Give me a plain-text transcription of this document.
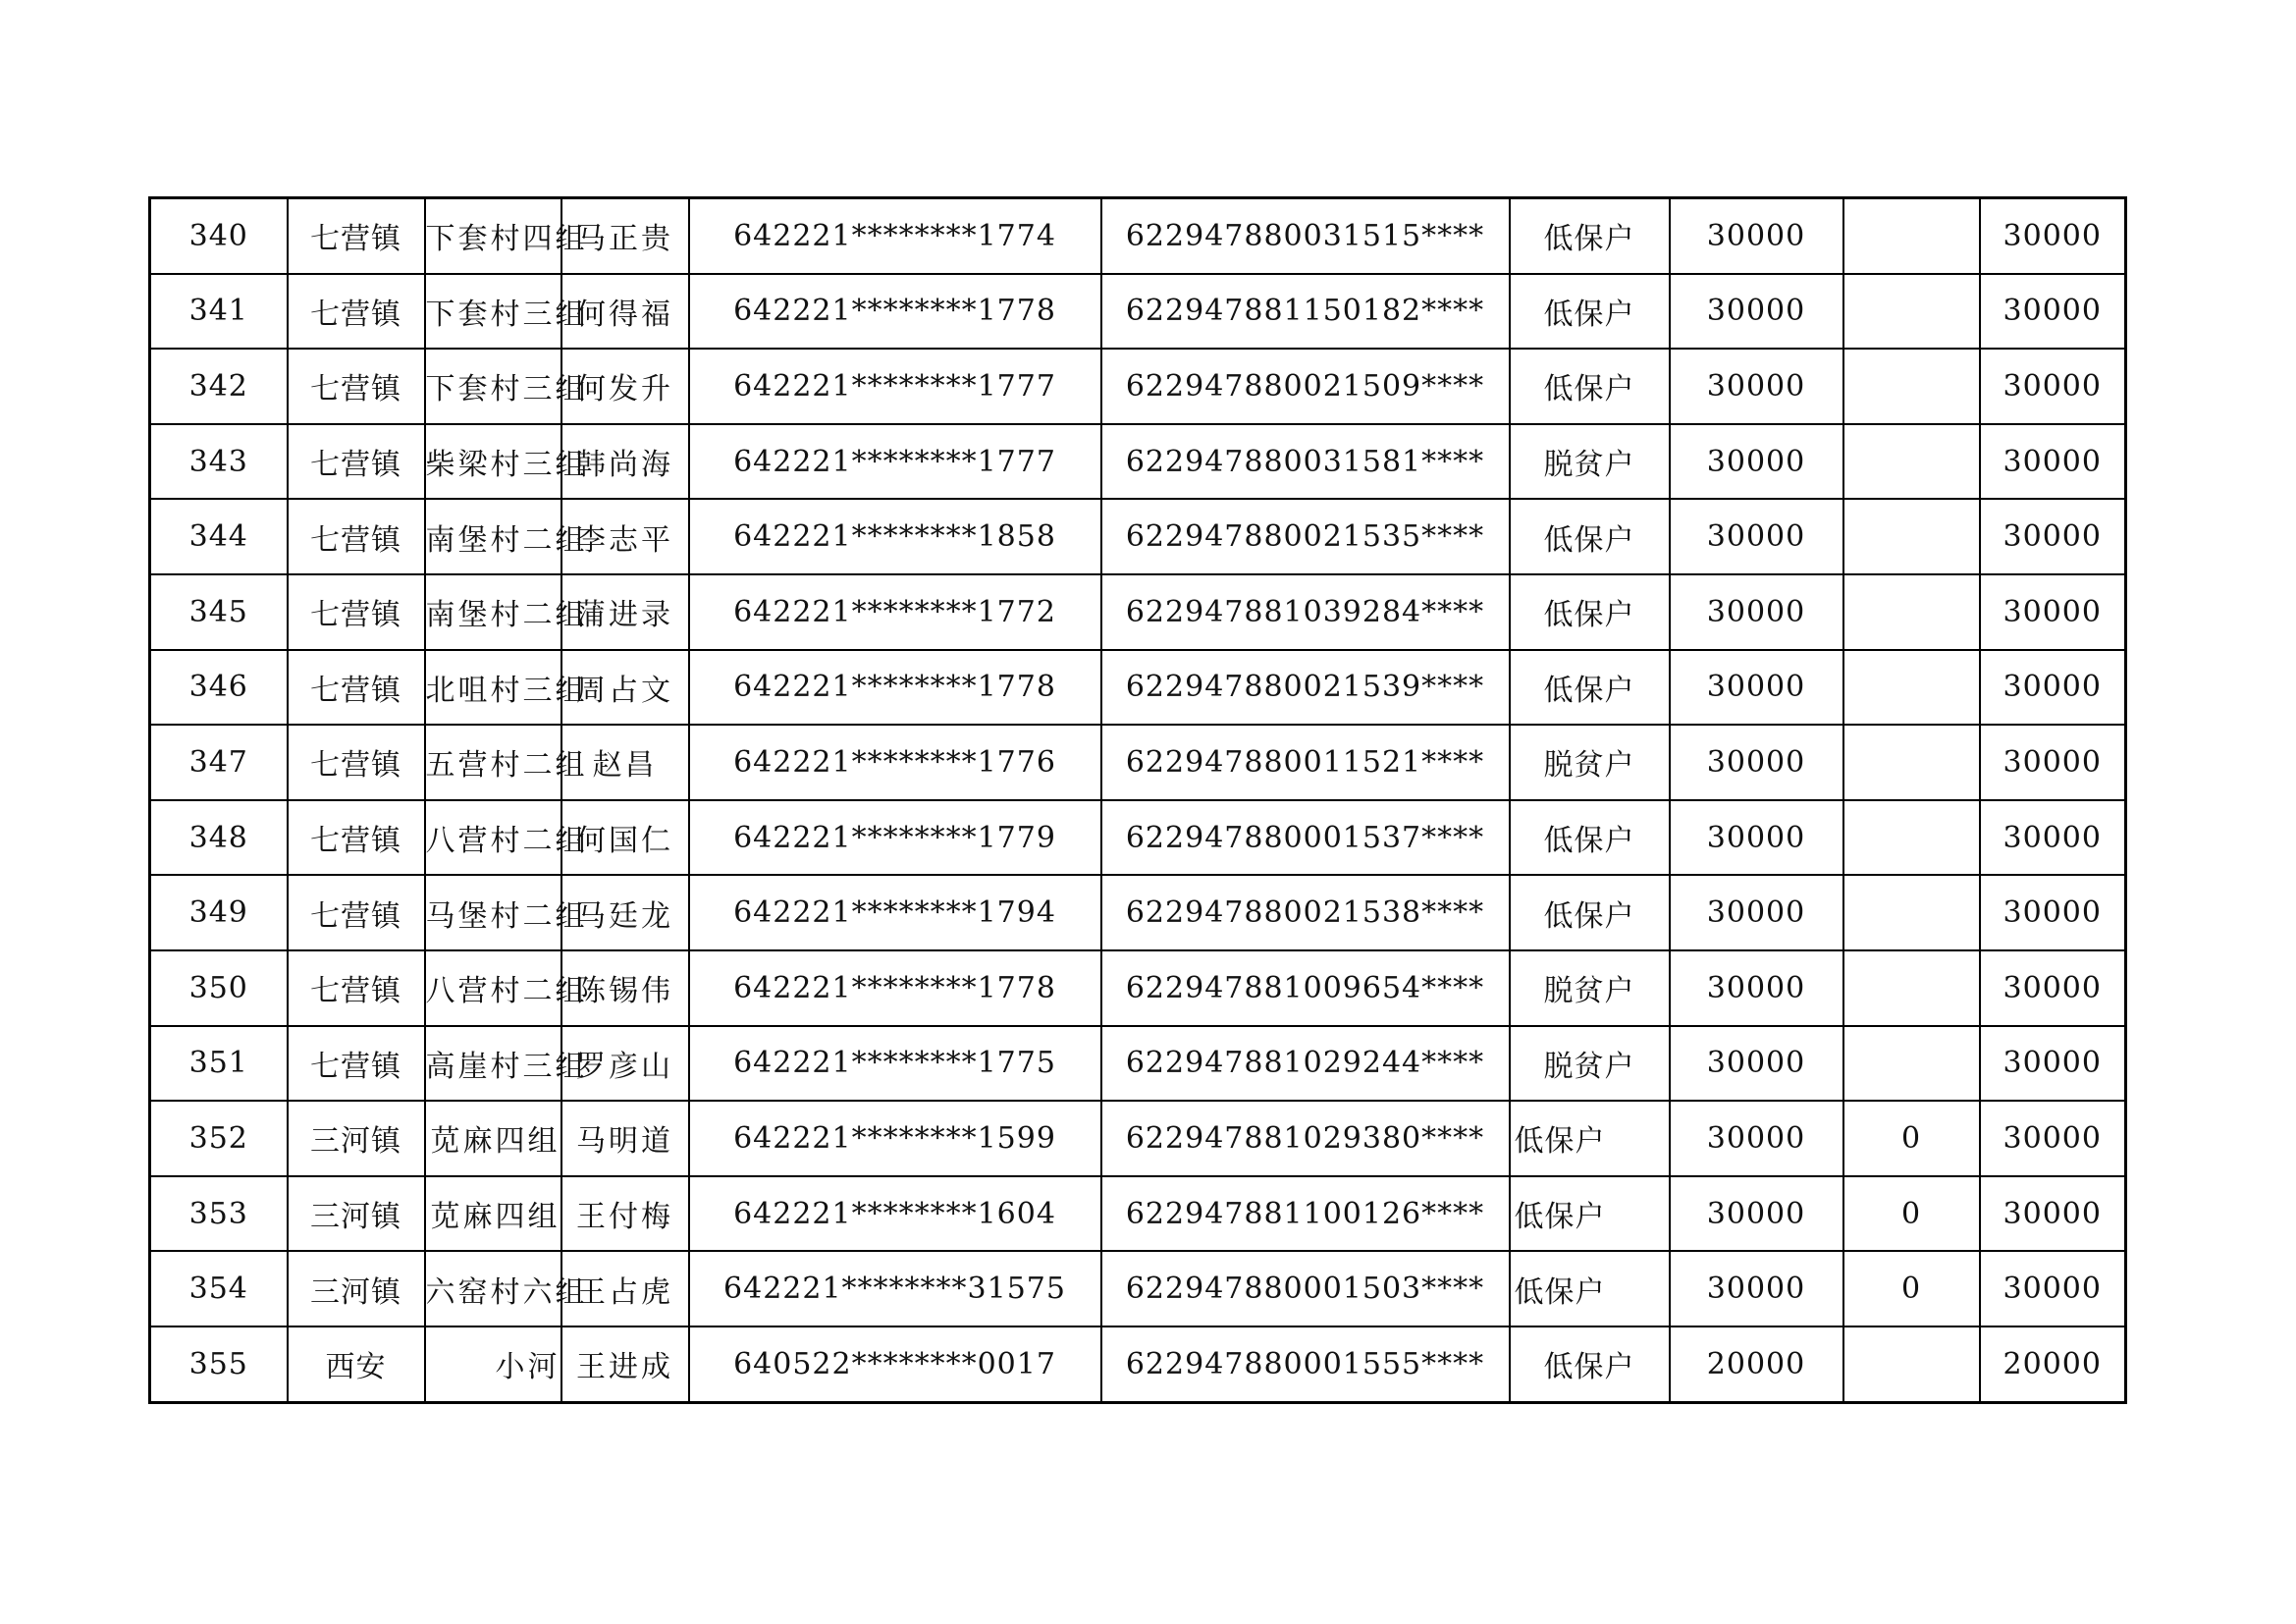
340	七营镇	下套村四组	马正贵	642221********1774	622947880031515****	低保户	30000		30000
341	七营镇	下套村三组	何得福	642221********1778	622947881150182****	低保户	30000		30000
342	七营镇	下套村三组	何发升	642221********1777	622947880021509****	低保户	30000		30000
343	七营镇	柴梁村三组	韩尚海	642221********1777	622947880031581****	脱贫户	30000		30000
344	七营镇	南堡村二组	李志平	642221********1858	622947880021535****	低保户	30000		30000
345	七营镇	南堡村二组	蒲进录	642221********1772	622947881039284****	低保户	30000		30000
346	七营镇	北咀村三组	周占文	642221********1778	622947880021539****	低保户	30000		30000
347	七营镇	五营村二组	赵昌	642221********1776	622947880011521****	脱贫户	30000		30000
348	七营镇	八营村二组	何国仁	642221********1779	622947880001537****	低保户	30000		30000
349	七营镇	马堡村二组	马廷龙	642221********1794	622947880021538****	低保户	30000		30000
350	七营镇	八营村二组	陈锡伟	642221********1778	622947881009654****	脱贫户	30000		30000
351	七营镇	高崖村三组	罗彦山	642221********1775	622947881029244****	脱贫户	30000		30000
352	三河镇	苋麻四组	马明道	642221********1599	622947881029380****	低保户	30000	0	30000
353	三河镇	苋麻四组	王付梅	642221********1604	622947881100126****	低保户	30000	0	30000
354	三河镇	六窑村六组	王占虎	642221********31575	622947880001503****	低保户	30000	0	30000
355	西安	小河	王进成	640522********0017	622947880001555****	低保户	20000		20000
